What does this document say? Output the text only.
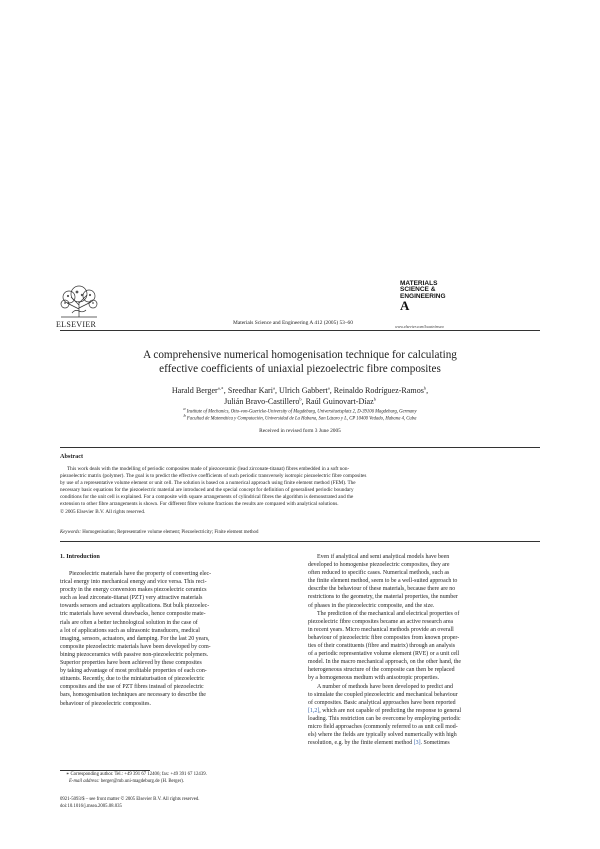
ELSEVIER	Materials Science and Engineering A 412 (2005) 53–60
MATERIALS
SCIENCE &
ENGINEERING
A
www.elsevier.com/locate/msea
A comprehensive numerical homogenisation technique for calculating
effective coefficients of uniaxial piezoelectric fibre composites
Harald Berger$^{a,∗}$, Sreedhar Kari$^a$, Ulrich Gabbert$^a$, Reinaldo Rodríguez-Ramos$^b$,
Julián Bravo-Castillero$^b$, Raúl Guinovart-Díaz$^b$
$^a$ Institute of Mechanics, Otto-von-Guericke-University of Magdeburg, Universitaetsplatz 2, D-39106 Magdeburg, Germany
$^b$ Facultad de Matemática y Computación, Universidad de La Habana, San Lázaro y L, CP 10400 Vedado, Habana 4, Cuba
Received in revised form 3 June 2005
Abstract
This work deals with the modelling of periodic composites made of piezoceramic (lead zirconate-titanat) fibres embedded in a soft non-
piezoelectric matrix (polymer). The goal is to predict the effective coefficients of such periodic transversely isotropic piezoelectric fibre composites
by use of a representative volume element or unit cell. The solution is based on a numerical approach using finite element method (FEM). The
necessary basic equations for the piezoelectric material are introduced and the special concept for definition of generalised periodic boundary
conditions for the unit cell is explained. For a composite with square arrangements of cylindrical fibres the algorithm is demonstrated and the
extension to other fibre arrangements is shown. For different fibre volume fractions the results are compared with analytical solutions.
© 2005 Elsevier B.V. All rights reserved.
Keywords: Homogenisation; Representative volume element; Piezoelectricity; Finite element method
1. Introduction
Piezoelectric materials have the property of converting elec-
trical energy into mechanical energy and vice versa. This reci-
procity in the energy conversion makes piezoelectric ceramics
such as lead zirconate-titanat (PZT) very attractive materials
towards sensors and actuators applications. But bulk piezoelec-
tric materials have several drawbacks, hence composite mate-
rials are often a better technological solution in the case of
a lot of applications such as ultrasonic transducers, medical
imaging, sensors, actuators, and damping. For the last 20 years,
composite piezoelectric materials have been developed by com-
bining piezoceramics with passive non-piezoelectric polymers.
Superior properties have been achieved by these composites
by taking advantage of most profitable properties of each con-
stituents. Recently, due to the miniaturisation of piezoelectric
composites and the use of PZT fibres instead of piezoelectric
bars, homogenisation techniques are necessary to describe the
behaviour of piezoelectric composites.
∗ Corresponding author. Tel.: +49 391 67 12406; fax: +49 391 67 12439.
E-mail address: berger@mb.uni-magdeburg.de (H. Berger).
0921-5093/$ – see front matter © 2005 Elsevier B.V. All rights reserved.
doi:10.1016/j.msea.2005.08.035
Even if analytical and semi analytical models have been
developed to homogenise piezoelectric composites, they are
often reduced to specific cases. Numerical methods, such as
the finite element method, seem to be a well-suited approach to
describe the behaviour of these materials, because there are no
restrictions to the geometry, the material properties, the number
of phases in the piezoelectric composite, and the size.
The prediction of the mechanical and electrical properties of
piezoelectric fibre composites became an active research area
in recent years. Micro mechanical methods provide an overall
behaviour of piezoelectric fibre composites from known proper-
ties of their constituents (fibre and matrix) through an analysis
of a periodic representative volume element (RVE) or a unit cell
model. In the macro mechanical approach, on the other hand, the
heterogeneous structure of the composite can then be replaced
by a homogeneous medium with anisotropic properties.
A number of methods have been developed to predict and
to simulate the coupled piezoelectric and mechanical behaviour
of composites. Basic analytical approaches have been reported
[1,2], which are not capable of predicting the response to general
loading. This restriction can be overcome by employing periodic
micro field approaches (commonly referred to as unit cell mod-
els) where the fields are typically solved numerically with high
resolution, e.g. by the finite element method [3]. Sometimes
